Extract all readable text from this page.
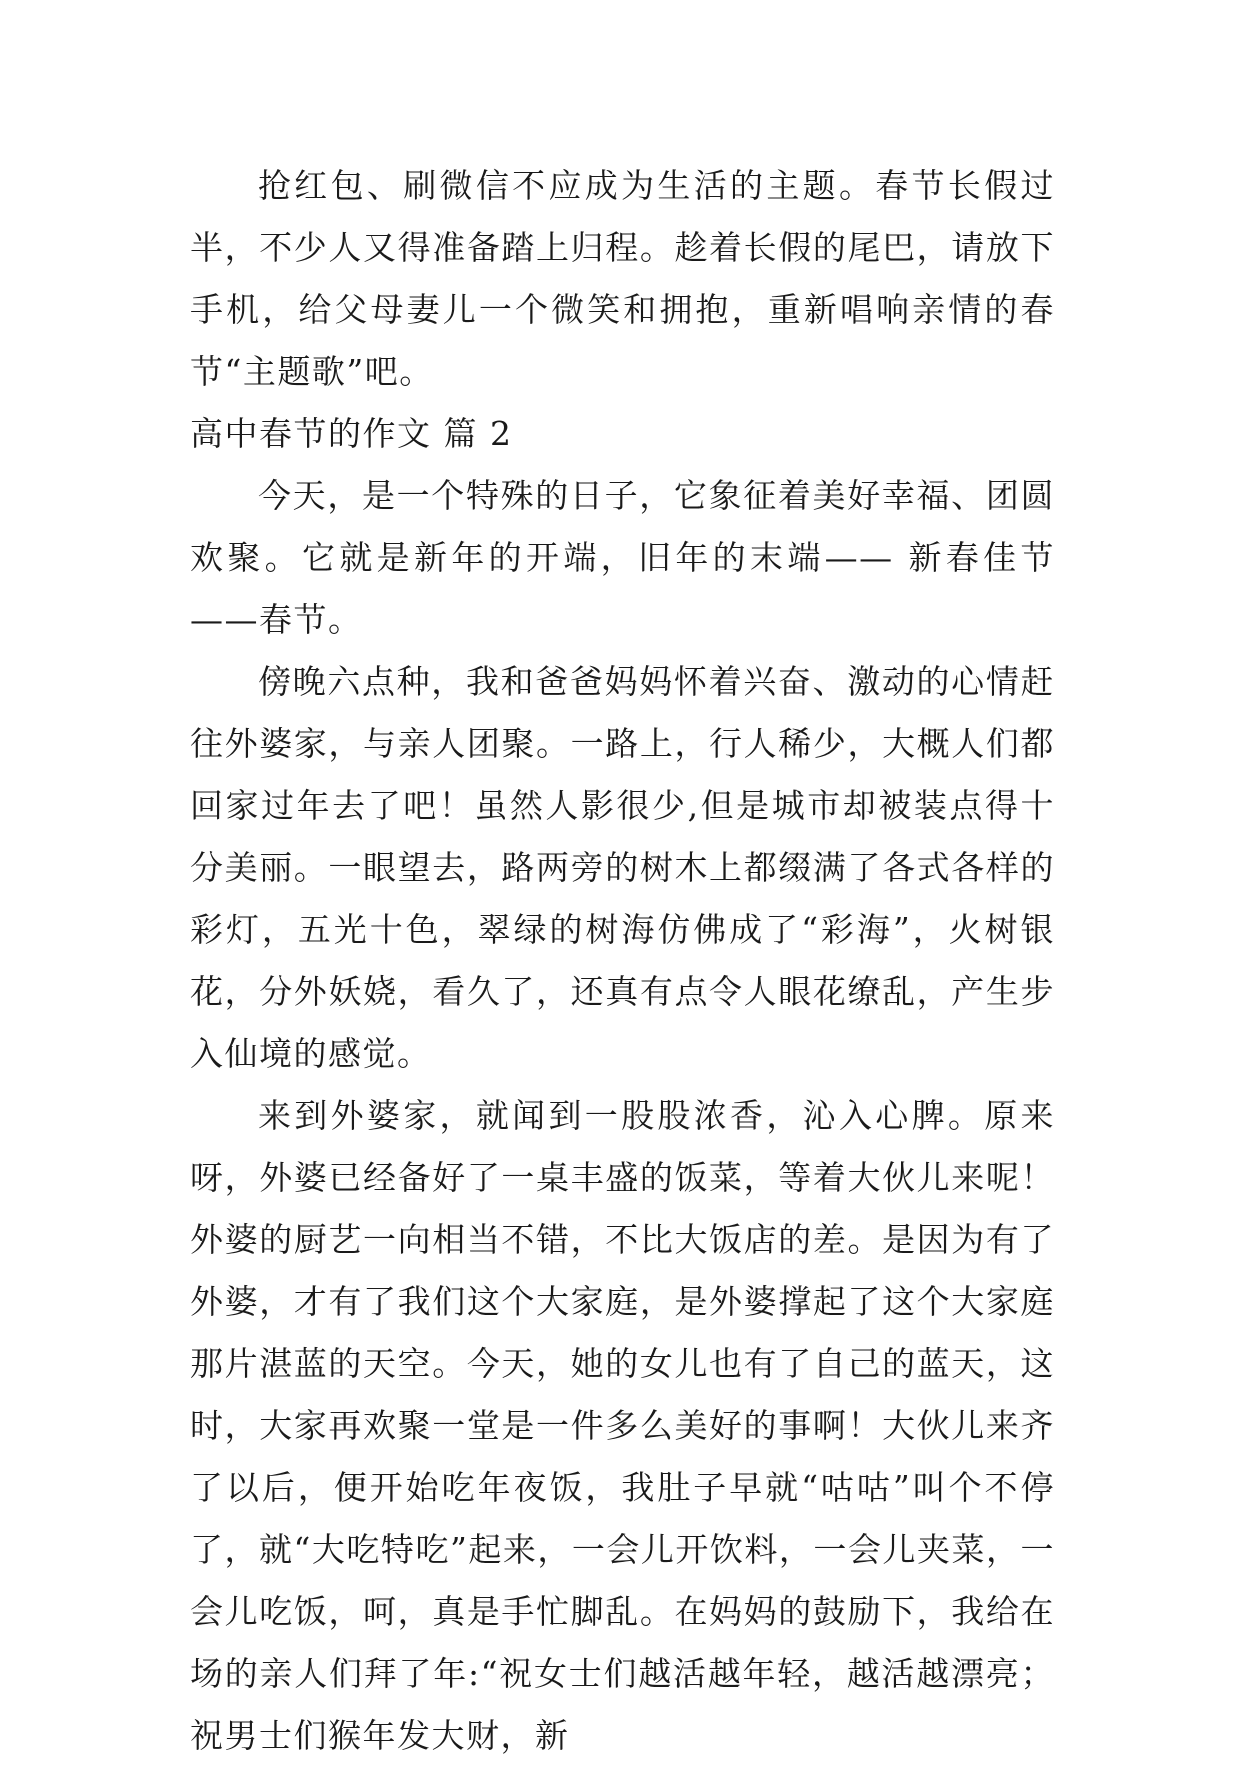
抢红包、刷微信不应成为生活的主题。春节长假过半，不少人又得准备踏上归程。趁着长假的尾巴，请放下手机，给父母妻儿一个微笑和拥抱，重新唱响亲情的春节“主题歌”吧。

高中春节的作文 篇 2

今天，是一个特殊的日子，它象征着美好幸福、团圆欢聚。它就是新年的开端，旧年的末端—— 新春佳节——春节。

傍晚六点种，我和爸爸妈妈怀着兴奋、激动的心情赶往外婆家，与亲人团聚。一路上，行人稀少，大概人们都回家过年去了吧！虽然人影很少,但是城市却被装点得十分美丽。一眼望去，路两旁的树木上都缀满了各式各样的彩灯，五光十色，翠绿的树海仿佛成了“彩海”，火树银花，分外妖娆，看久了，还真有点令人眼花缭乱，产生步入仙境的感觉。

来到外婆家，就闻到一股股浓香，沁入心脾。原来呀，外婆已经备好了一桌丰盛的饭菜，等着大伙儿来呢！外婆的厨艺一向相当不错，不比大饭店的差。是因为有了外婆，才有了我们这个大家庭，是外婆撑起了这个大家庭那片湛蓝的天空。今天，她的女儿也有了自己的蓝天，这时，大家再欢聚一堂是一件多么美好的事啊！大伙儿来齐了以后，便开始吃年夜饭，我肚子早就“咕咕”叫个不停了，就“大吃特吃”起来，一会儿开饮料，一会儿夹菜，一会儿吃饭，呵，真是手忙脚乱。在妈妈的鼓励下，我给在场的亲人们拜了年:“祝女士们越活越年轻，越活越漂亮；祝男士们猴年发大财，新
